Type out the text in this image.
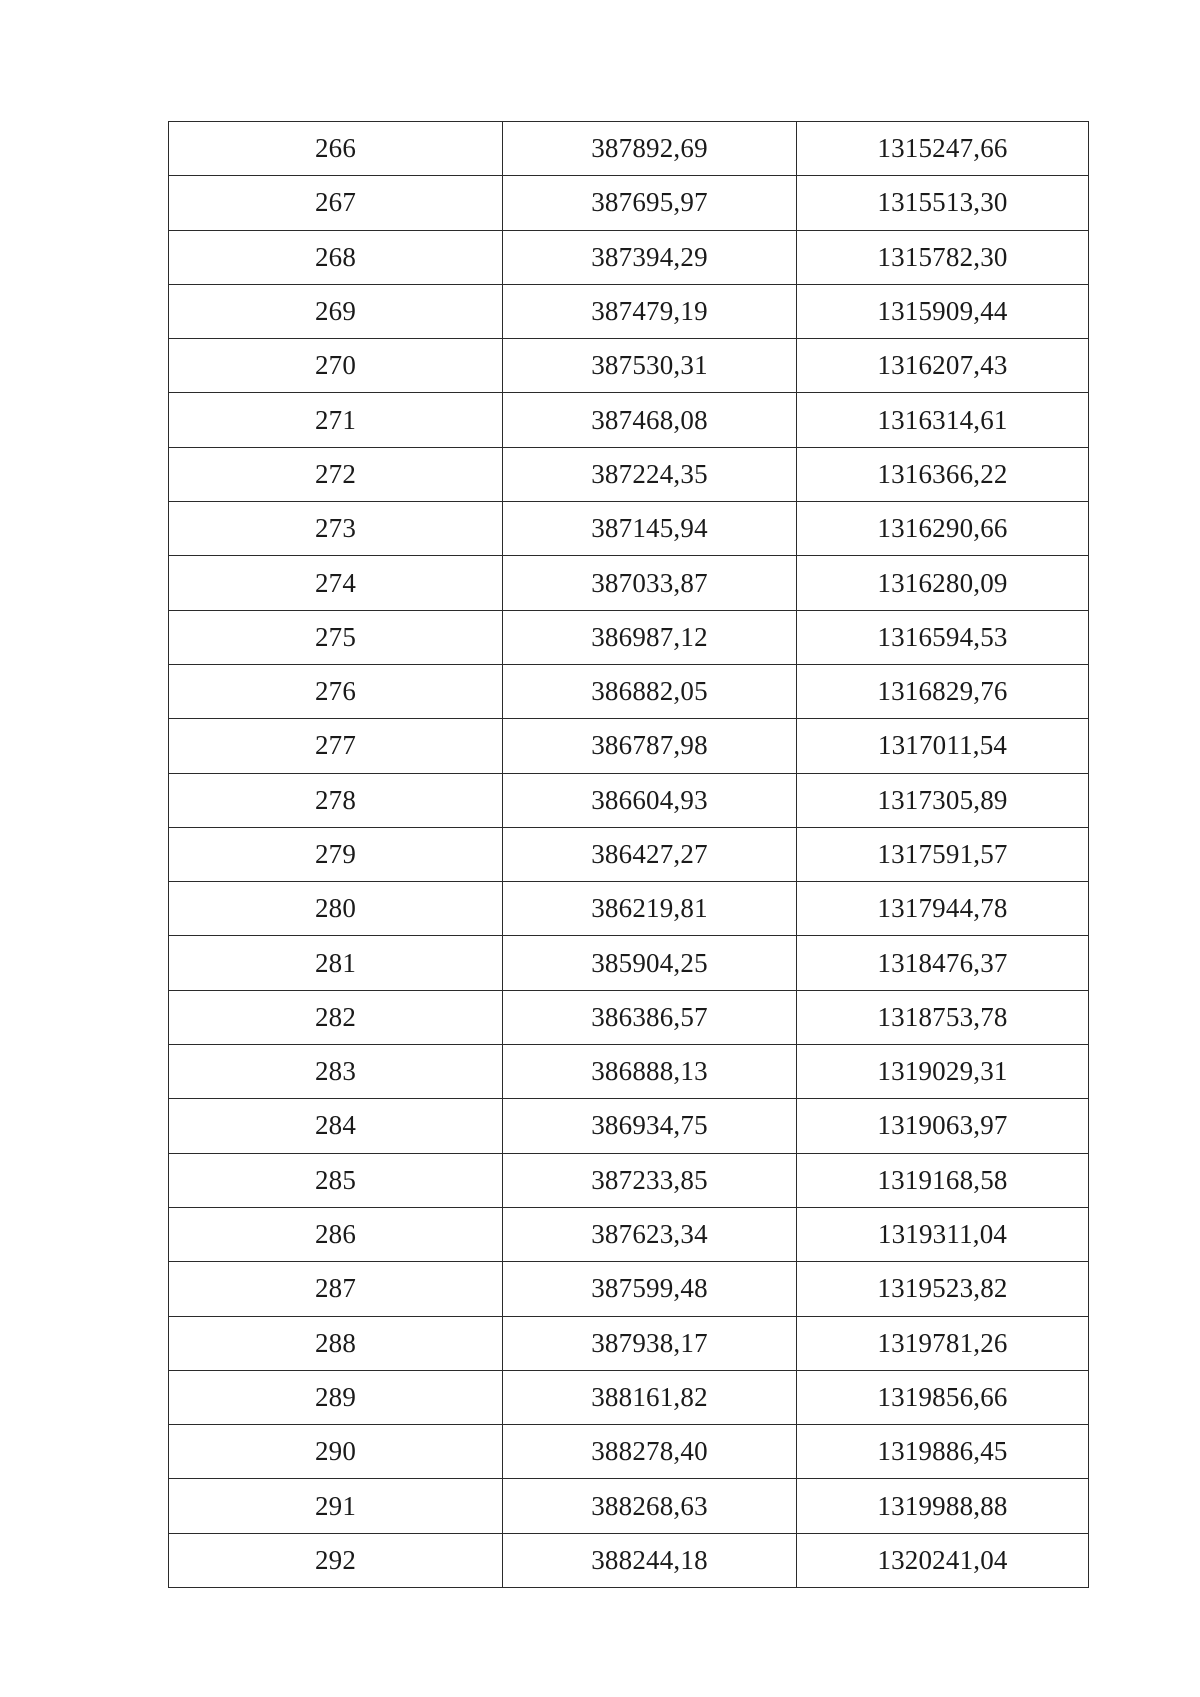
266	387892,69	1315247,66
267	387695,97	1315513,30
268	387394,29	1315782,30
269	387479,19	1315909,44
270	387530,31	1316207,43
271	387468,08	1316314,61
272	387224,35	1316366,22
273	387145,94	1316290,66
274	387033,87	1316280,09
275	386987,12	1316594,53
276	386882,05	1316829,76
277	386787,98	1317011,54
278	386604,93	1317305,89
279	386427,27	1317591,57
280	386219,81	1317944,78
281	385904,25	1318476,37
282	386386,57	1318753,78
283	386888,13	1319029,31
284	386934,75	1319063,97
285	387233,85	1319168,58
286	387623,34	1319311,04
287	387599,48	1319523,82
288	387938,17	1319781,26
289	388161,82	1319856,66
290	388278,40	1319886,45
291	388268,63	1319988,88
292	388244,18	1320241,04
